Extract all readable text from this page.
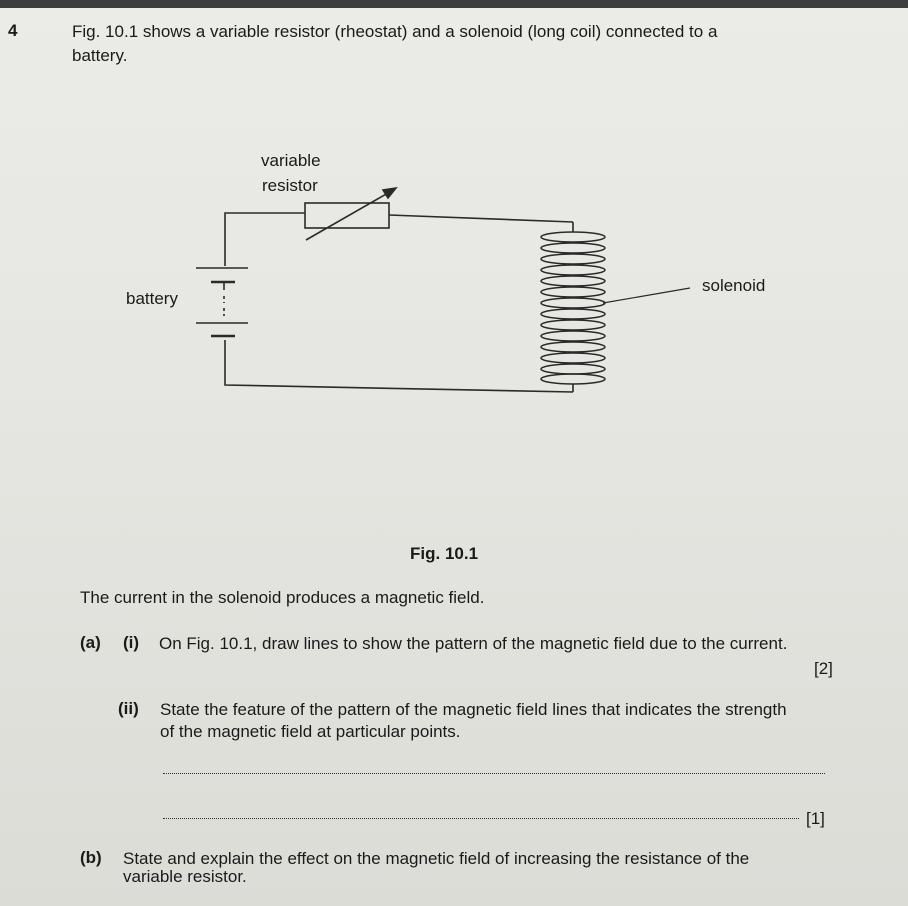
4	Fig. 10.1 shows a variable resistor (rheostat) and a solenoid (long coil) connected to a
battery.
variable
resistor
battery
solenoid
Fig. 10.1
The current in the solenoid produces a magnetic field.
(a) (i) On Fig. 10.1, draw lines to show the pattern of the magnetic field due to the current.
[2]
(ii) State the feature of the pattern of the magnetic field lines that indicates the strength
of the magnetic field at particular points.
[1]
(b) State and explain the effect on the magnetic field of increasing the resistance of the
variable resistor.
